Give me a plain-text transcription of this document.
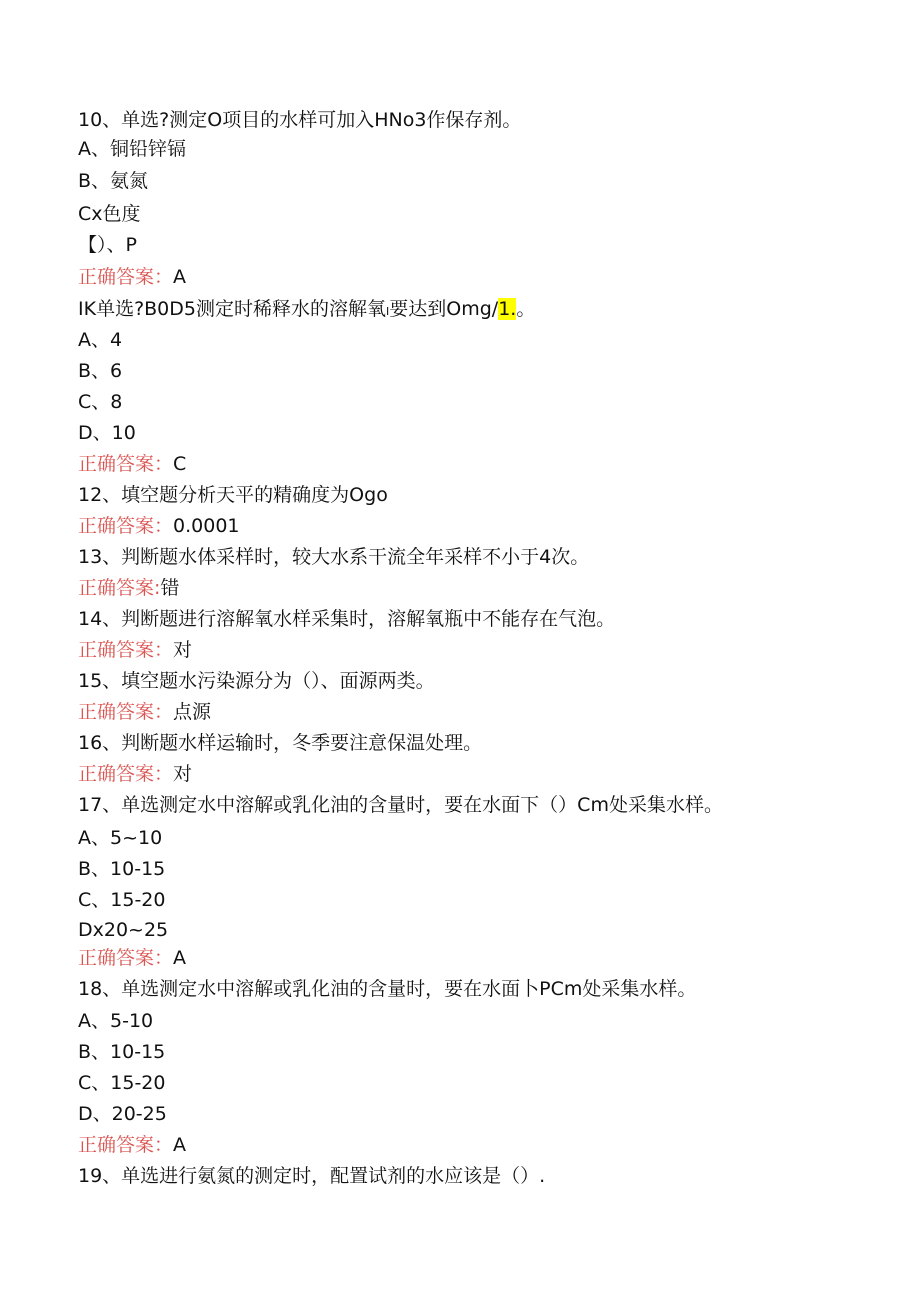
10、单选?测定O项目的水样可加入HNo3作保存剂。
A、铜铅锌镉
B、氨氮
Cx色度
【）、P
正确答案：A
IK单选?B0D5测定时稀释水的溶解氧I要达到Omg/1.。
A、4
B、6
C、8
D、10
正确答案：C
12、填空题分析天平的精确度为Ogo
正确答案：0.0001
13、判断题水体采样时，较大水系干流全年采样不小于4次。
正确答案:错
14、判断题进行溶解氧水样采集时，溶解氧瓶中不能存在气泡。
正确答案：对
15、填空题水污染源分为（）、面源两类。
正确答案：点源
16、判断题水样运输时，冬季要注意保温处理。
正确答案：对
17、单选测定水中溶解或乳化油的含量时，要在水面下（）Cm处采集水样。
A、5~10
B、10-15
C、15-20
Dx20~25
正确答案：A
18、单选测定水中溶解或乳化油的含量时，要在水面卜PCm处采集水样。
A、5-10
B、10-15
C、15-20
D、20-25
正确答案：A
19、单选进行氨氮的测定时，配置试剂的水应该是（）.
